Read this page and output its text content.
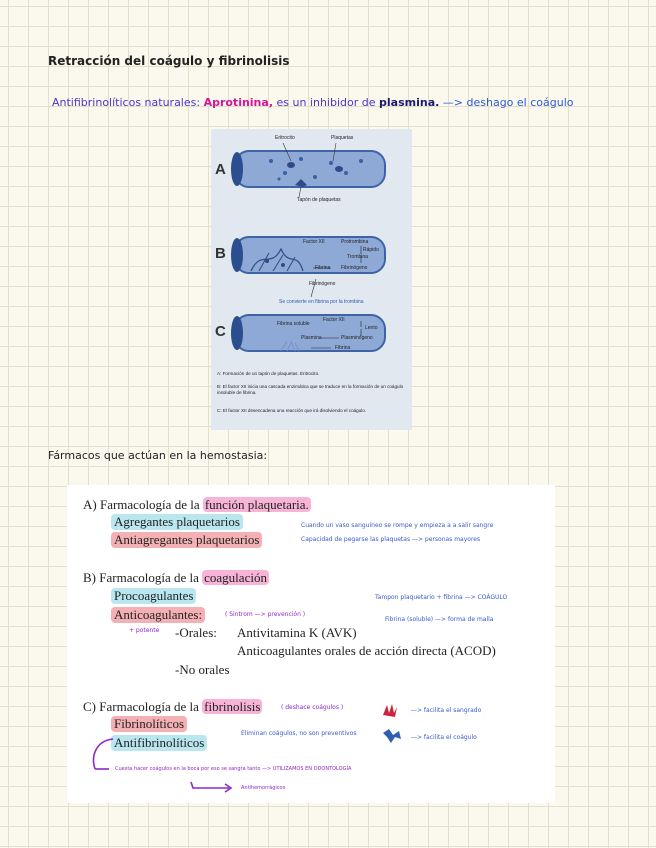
Retracción del coágulo y fibrinolisis
Antifibrinolíticos naturales: Aprotinina, es un inhibidor de plasmina. —> deshago el coágulo
A
Eritrocito	Plaquetas
Tapón de plaquetas
B
Factor XII	Protrombina
Rápido
Trombina
Fibrina Fibrinógeno
Fibrinógeno
Se convierte en fibrina por la trombina
C	Fibrina soluble
Factor XII
Lento
Plasmina	Plasminógeno
Fibrina
A: Formación de un tapón de plaquetas. Eritrocito.
B: El factor XII inicia una cascada enzimática que se traduce en la formación de un coágulo insoluble de fibrina.
C: El factor XII desencadena una reacción que irá disolviendo el coágulo.
Fármacos que actúan en la hemostasia:
A) Farmacología de la función plaquetaria.
Agregantes plaquetarios
Antiagregantes plaquetarios
Cuando un vaso sanguíneo se rompe y empieza a a salir sangre
Capacidad de pegarse las plaquetas —> personas mayores
B) Farmacología de la coagulación
Procoagulantes
Anticoagulantes:	( Sintrom —> prevención )
Tampon plaquetario + fibrina —> COÁGULO
Fibrina (soluble) —> forma de malla
+ potente -Orales: Antivitamina K (AVK)
Anticoagulantes orales de acción directa (ACOD)
-No orales
C) Farmacología de la fibrinolisis	( deshace coágulos )
Fibrinolíticos
Antifibrinolíticos
Eliminan coágulos, no son preventivos
—> facilita el sangrado
—> facilita el coágulo
Cuesta hacer coágulos en la boca por eso se sangra tanto —> UTILIZAMOS EN ODONTOLOGÍA
Antihemorrágicos
